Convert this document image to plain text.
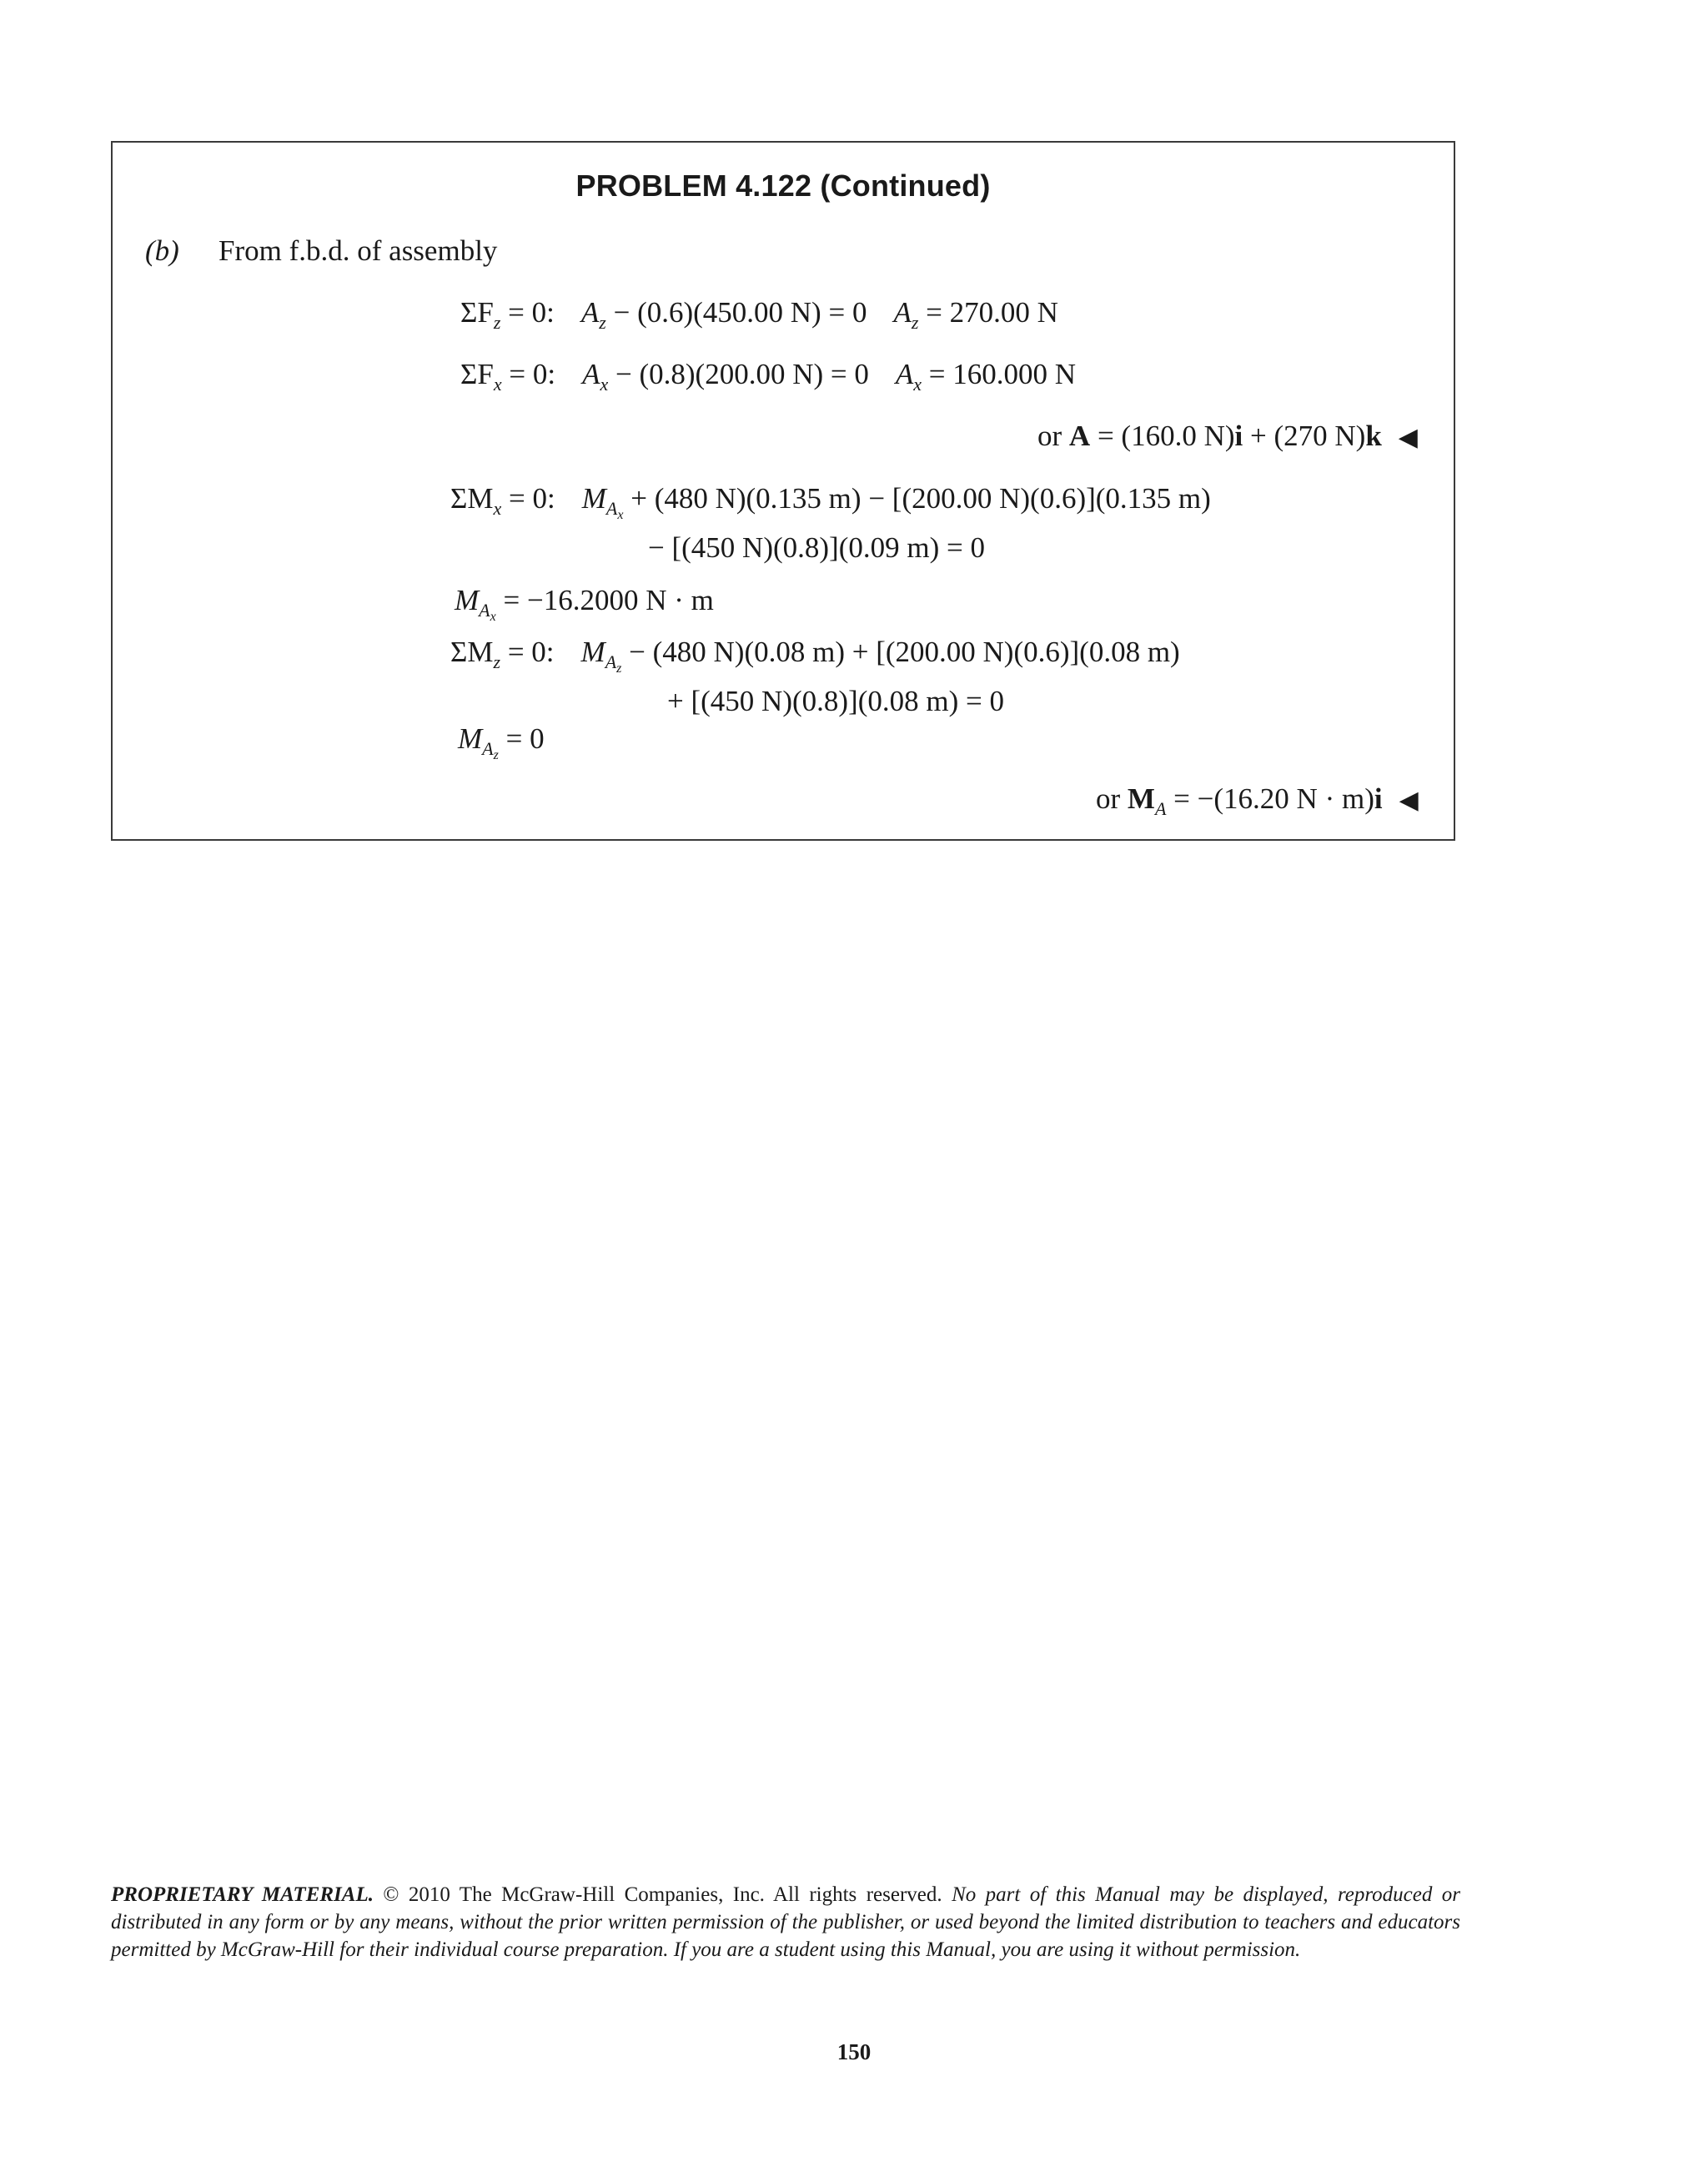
PROBLEM 4.122 (Continued)
(b) From f.b.d. of assembly
$\Sigma F_z = 0$: $A_z - (0.6)(450.00$ N) = 0 $A_z = 270.00$ N
$\Sigma F_x = 0$: $A_x - (0.8)(200.00$ N) = 0 $A_x = 160.000$ N
or A = (160.0 N)i + (270 N)k ◀
$\Sigma M_x = 0$: $M_{A_x} + (480$ N)(0.135 m) − [(200.00 N)(0.6)](0.135 m)
− [(450 N)(0.8)](0.09 m) = 0
$M_{A_x} = -16.2000$ N · m
$\Sigma M_z = 0$: $M_{A_z} - (480$ N)(0.08 m) + [(200.00 N)(0.6)](0.08 m)
+ [(450 N)(0.8)](0.08 m) = 0
$M_{A_z} = 0$
or $M_A = -(16.20$ N · m)i ◀
PROPRIETARY MATERIAL. © 2010 The McGraw-Hill Companies, Inc. All rights reserved. No part of this Manual may be displayed, reproduced or distributed in any form or by any means, without the prior written permission of the publisher, or used beyond the limited distribution to teachers and educators permitted by McGraw-Hill for their individual course preparation. If you are a student using this Manual, you are using it without permission.
150
